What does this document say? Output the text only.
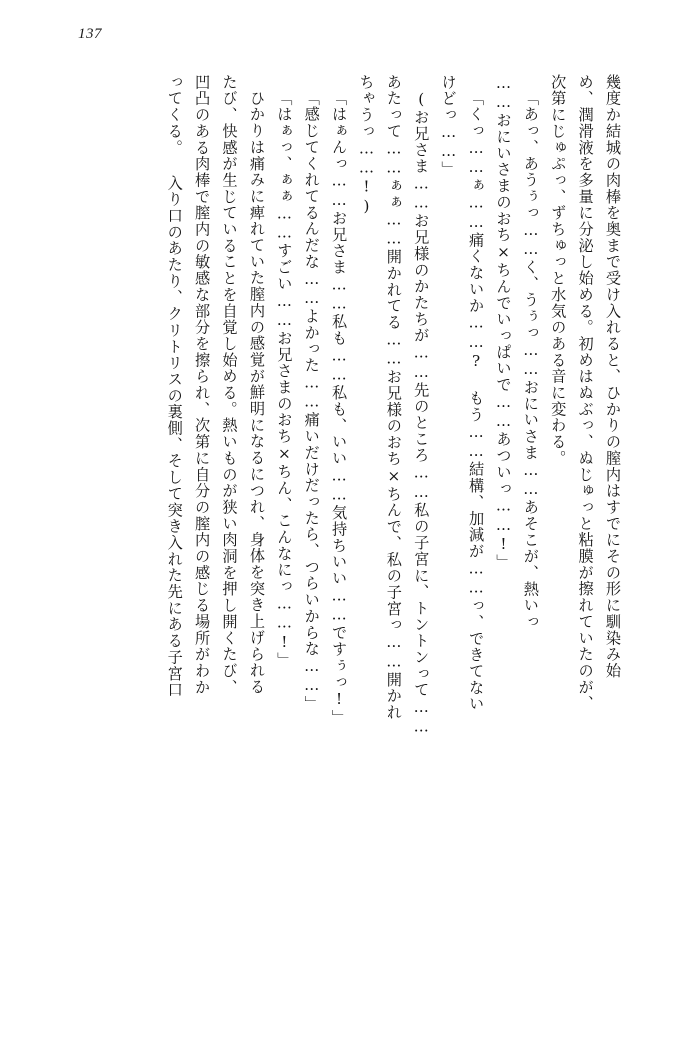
137
幾度か結城の肉棒を奥まで受け入れると、ひかりの膣内はすでにその形に馴染み始
め、潤滑液を多量に分泌し始める。初めはぬぶっ、ぬじゅっと粘膜が擦れていたのが、
次第にじゅぷっ、ずちゅっと水気のある音に変わる。
「あっ、あうぅっ……く、うぅっ……おにいさま……あそこが、熱いっ
……おにいさまのおち×ちんでいっぱいで……あついっ……!」
「くっ……ぁ……痛くないか……? もう……結構、加減が……っ、できてない
けどっ……」
(お兄さま……お兄様のかたちが……先のところ……私の子宮に、トントンって……
あたって……ぁぁ……開かれてる……お兄様のおち×ちんで、私の子宮っ……開かれ
ちゃうっ……!)
「はぁんっ……お兄さま……私も……私も、いい……気持ちいい……ですぅっ!」
「感じてくれてるんだな……よかった……痛いだけだったら、つらいからな……」
「はぁっ、ぁぁ……すごい……お兄さまのおち×ちん、こんなにっ……!」
ひかりは痛みに痺れていた膣内の感覚が鮮明になるにつれ、身体を突き上げられる
たび、快感が生じていることを自覚し始める。熱いものが狭い肉洞を押し開くたび、
凹凸のある肉棒で膣内の敏感な部分を擦られ、次第に自分の膣内の感じる場所がわか
ってくる。 入り口のあたり、クリトリスの裏側、そして突き入れた先にある子宮口
